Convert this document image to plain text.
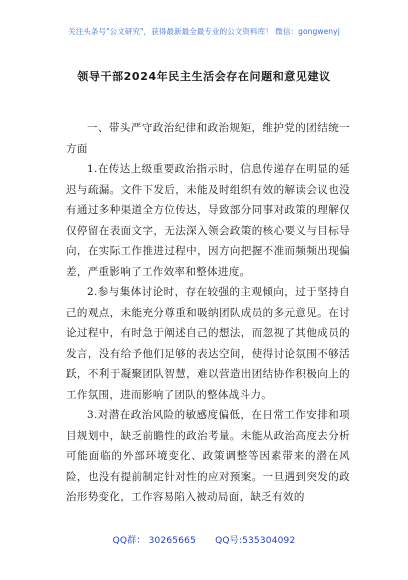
关注头条号"公文研究"，获得最新最全最专业的公文资料库！ 微信：gongwenyj
领导干部2024年民主生活会存在问题和意见建议

一、带头严守政治纪律和政治规矩，维护党的团结统一方面

1.在传达上级重要政治指示时，信息传递存在明显的延迟与疏漏。文件下发后，未能及时组织有效的解读会议也没有通过多种渠道全方位传达，导致部分同事对政策的理解仅仅停留在表面文字，无法深入领会政策的核心要义与目标导向，在实际工作推进过程中，因方向把握不准而频频出现偏差，严重影响了工作效率和整体进度。

2.参与集体讨论时，存在较强的主观倾向，过于坚持自己的观点，未能充分尊重和吸纳团队成员的多元意见。在讨论过程中，有时急于阐述自己的想法，而忽视了其他成员的发言，没有给予他们足够的表达空间，使得讨论氛围不够活跃，不利于凝聚团队智慧，难以营造出团结协作积极向上的工作氛围，进而影响了团队的整体战斗力。

3.对潜在政治风险的敏感度偏低，在日常工作安排和项目规划中，缺乏前瞻性的政治考量。未能从政治高度去分析可能面临的外部环境变化、政策调整等因素带来的潜在风险，也没有提前制定针对性的应对预案。一旦遇到突发的政治形势变化，工作容易陷入被动局面，缺乏有效的

QQ群： 30265665 QQ号:535304092
